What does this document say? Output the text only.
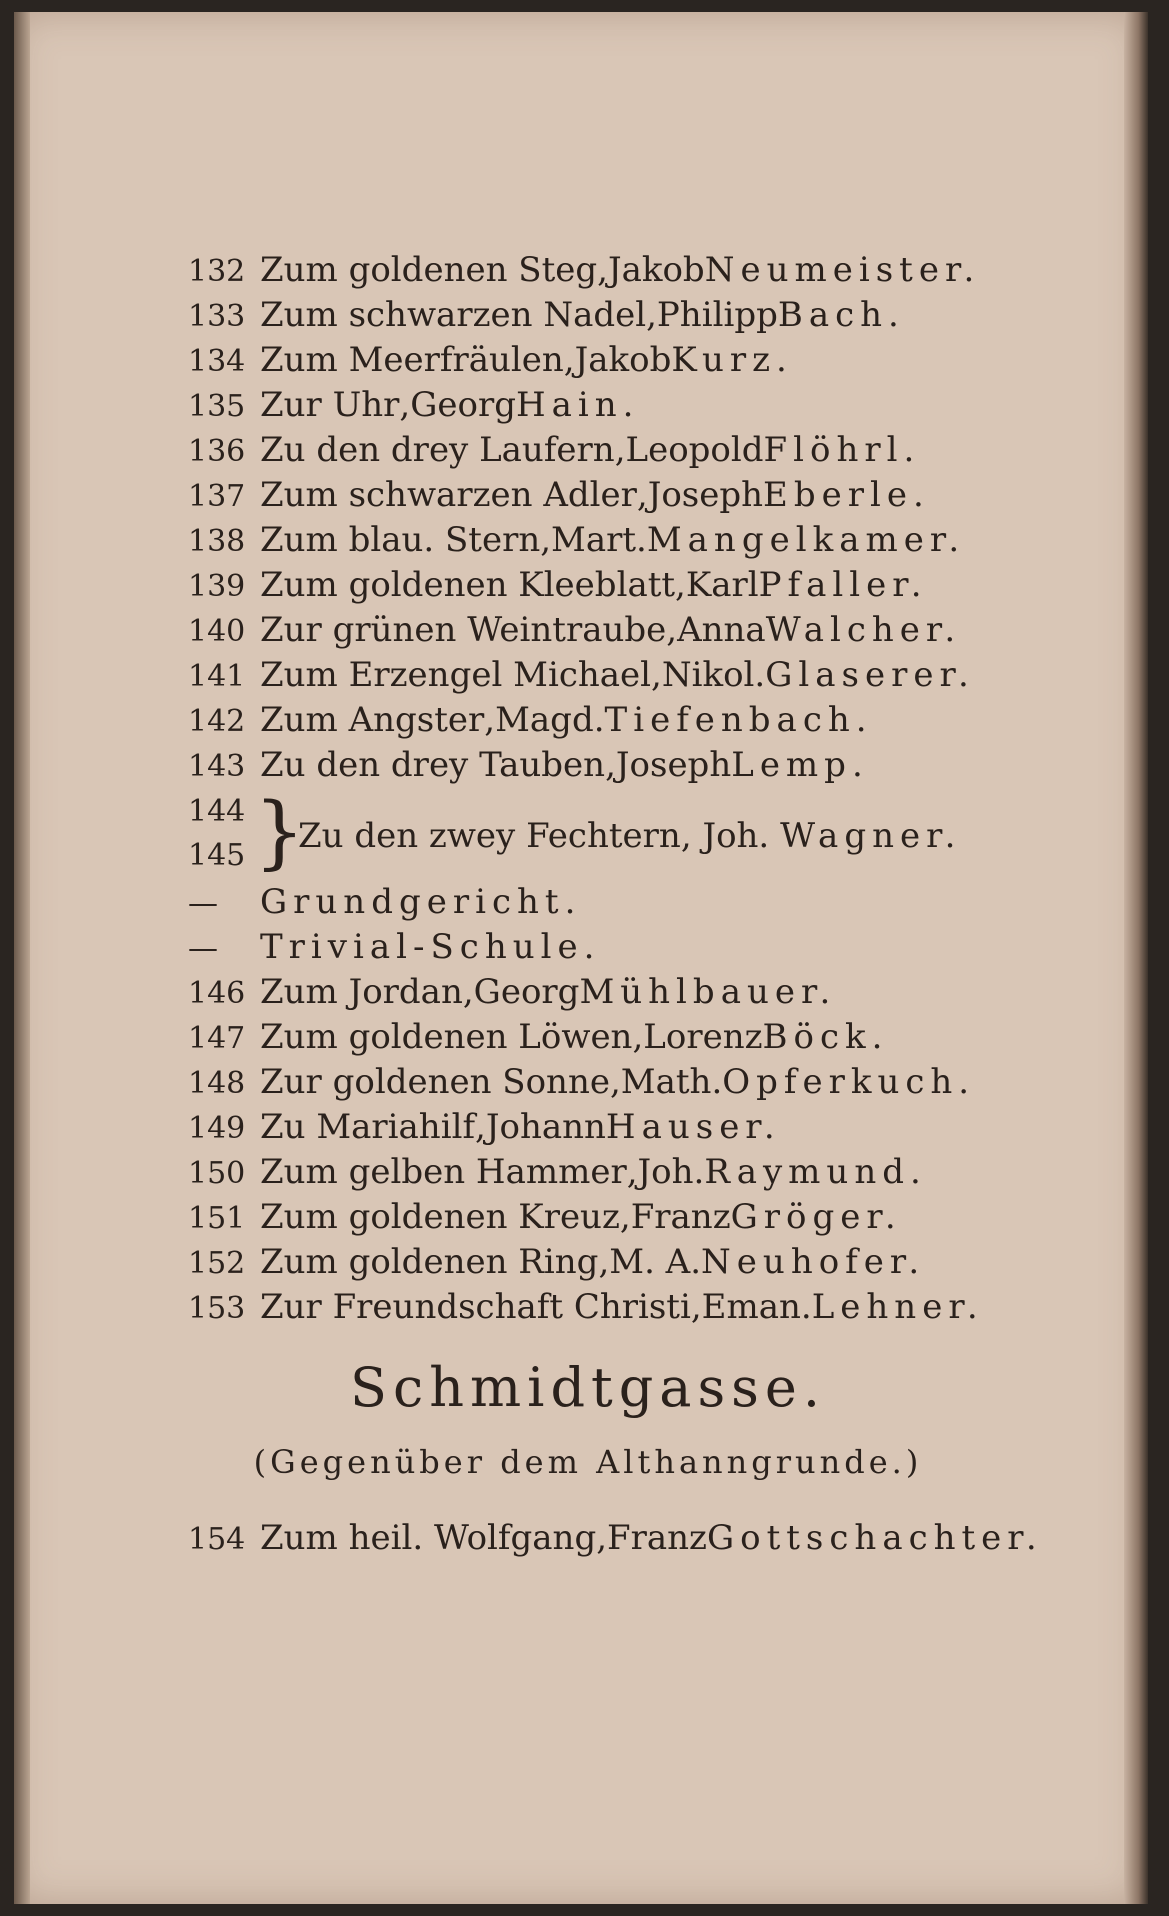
132 Zum goldenen Steg , Jakob Neumeister.
133 Zum schwarzen Nadel , Philipp Bach.
134 Zum Meerfräulen , Jakob Kurz.
135 Zur Uhr , Georg Hain.
136 Zu den drey Laufern , Leopold Flöhrl.
137 Zum schwarzen Adler , Joseph Eberle.
138 Zum blau. Stern , Mart. Mangelkamer.
139 Zum goldenen Kleeblatt , Karl Pfaller.
140 Zur grünen Weintraube , Anna Walcher.
141 Zum Erzengel Michael , Nikol. Glaserer.
142 Zum Angster , Magd. Tiefenbach.
143 Zu den drey Tauben , Joseph Lemp.
144
145 }
Zu den zwey Fechtern, Joh. Wagner.
—	Grundgericht.
—	Trivial-Schule.
146 Zum Jordan , Georg Mühlbauer.
147 Zum goldenen Löwen , Lorenz Böck.
148 Zur goldenen Sonne , Math. Opferkuch.
149 Zu Mariahilf , Johann Hauser.
150 Zum gelben Hammer , Joh. Raymund.
151 Zum goldenen Kreuz , Franz Gröger.
152 Zum goldenen Ring , M. A. Neuhofer.
153 Zur Freundschaft Christi , Eman. Lehner.
Schmidtgasse.
(Gegenüber dem Althanngrunde.)
154 Zum heil. Wolfgang , Franz Gottschachter.
